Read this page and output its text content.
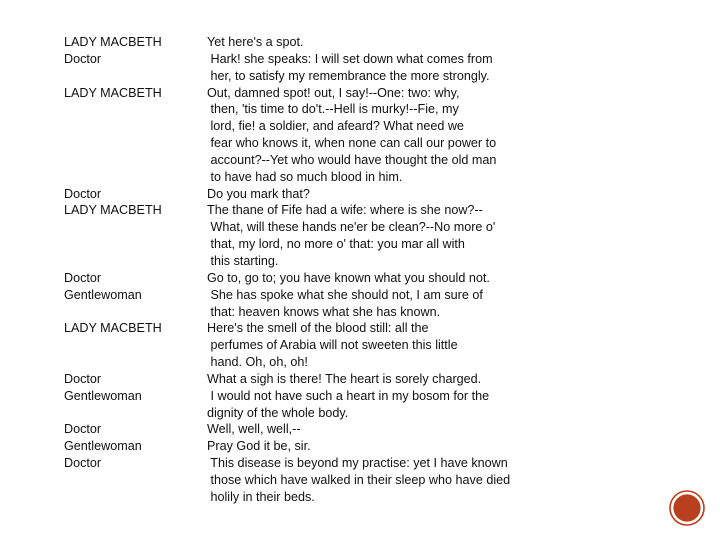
LADY MACBETH
Doctor
LADY MACBETH
Doctor
LADY MACBETH
Doctor
Gentlewoman
LADY MACBETH
Doctor
Gentlewoman
Doctor
Gentlewoman
Doctor
Yet here's a spot.
Hark! she speaks: I will set down what comes from
her, to satisfy my remembrance the more strongly.
Out, damned spot! out, I say!--One: two: why,
then, 'tis time to do't.--Hell is murky!--Fie, my
lord, fie! a soldier, and afeard? What need we
fear who knows it, when none can call our power to
account?--Yet who would have thought the old man
to have had so much blood in him.
Do you mark that?
The thane of Fife had a wife: where is she now?--
What, will these hands ne'er be clean?--No more o'
that, my lord, no more o' that: you mar all with
this starting.
Go to, go to; you have known what you should not.
She has spoke what she should not, I am sure of
that: heaven knows what she has known.
Here's the smell of the blood still: all the
perfumes of Arabia will not sweeten this little
hand. Oh, oh, oh!
What a sigh is there! The heart is sorely charged.
I would not have such a heart in my bosom for the
dignity of the whole body.
Well, well, well,--
Pray God it be, sir.
This disease is beyond my practise: yet I have known
those which have walked in their sleep who have died
holily in their beds.
